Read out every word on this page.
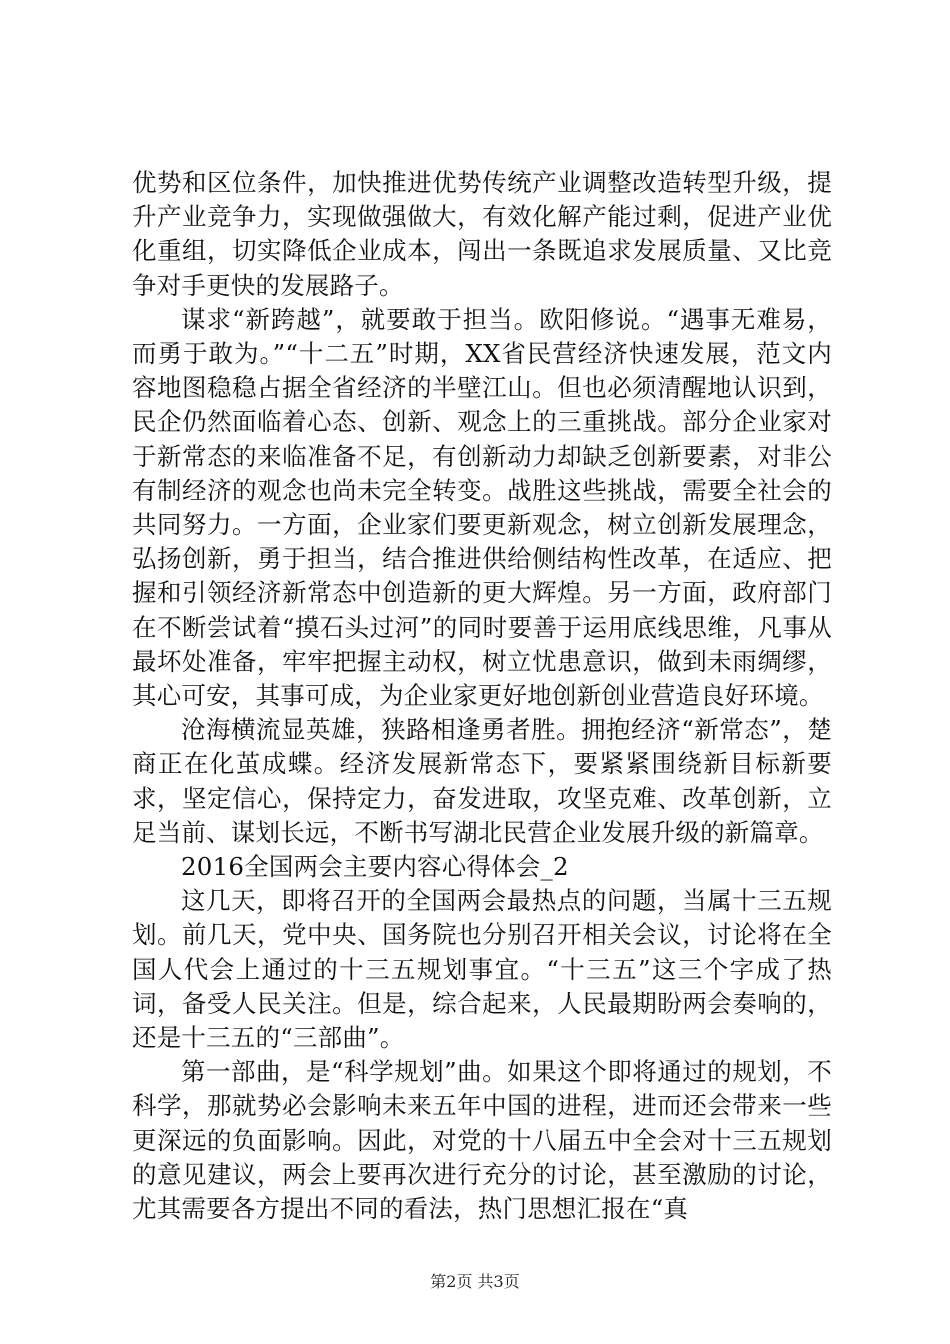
优势和区位条件，加快推进优势传统产业调整改造转型升级，提升产业竞争力，实现做强做大，有效化解产能过剩，促进产业优化重组，切实降低企业成本，闯出一条既追求发展质量、又比竞争对手更快的发展路子。

谋求“新跨越”，就要敢于担当。欧阳修说。“遇事无难易，而勇于敢为。”“十二五”时期，XX省民营经济快速发展，范文内容地图稳稳占据全省经济的半壁江山。但也必须清醒地认识到，民企仍然面临着心态、创新、观念上的三重挑战。部分企业家对于新常态的来临准备不足，有创新动力却缺乏创新要素，对非公有制经济的观念也尚未完全转变。战胜这些挑战，需要全社会的共同努力。一方面，企业家们要更新观念，树立创新发展理念，弘扬创新，勇于担当，结合推进供给侧结构性改革，在适应、把握和引领经济新常态中创造新的更大辉煌。另一方面，政府部门在不断尝试着“摸石头过河”的同时要善于运用底线思维，凡事从最坏处准备，牢牢把握主动权，树立忧患意识，做到未雨绸缪，其心可安，其事可成，为企业家更好地创新创业营造良好环境。

沧海横流显英雄，狭路相逢勇者胜。拥抱经济“新常态”，楚商正在化茧成蝶。经济发展新常态下，要紧紧围绕新目标新要求，坚定信心，保持定力，奋发进取，攻坚克难、改革创新，立足当前、谋划长远，不断书写湖北民营企业发展升级的新篇章。

2016全国两会主要内容心得体会_2

这几天，即将召开的全国两会最热点的问题，当属十三五规划。前几天，党中央、国务院也分别召开相关会议，讨论将在全国人代会上通过的十三五规划事宜。“十三五”这三个字成了热词，备受人民关注。但是，综合起来，人民最期盼两会奏响的，还是十三五的“三部曲”。

第一部曲，是“科学规划”曲。如果这个即将通过的规划，不科学，那就势必会影响未来五年中国的进程，进而还会带来一些更深远的负面影响。因此，对党的十八届五中全会对十三五规划的意见建议，两会上要再次进行充分的讨论，甚至激励的讨论，尤其需要各方提出不同的看法，热门思想汇报在“真

第2页 共3页
